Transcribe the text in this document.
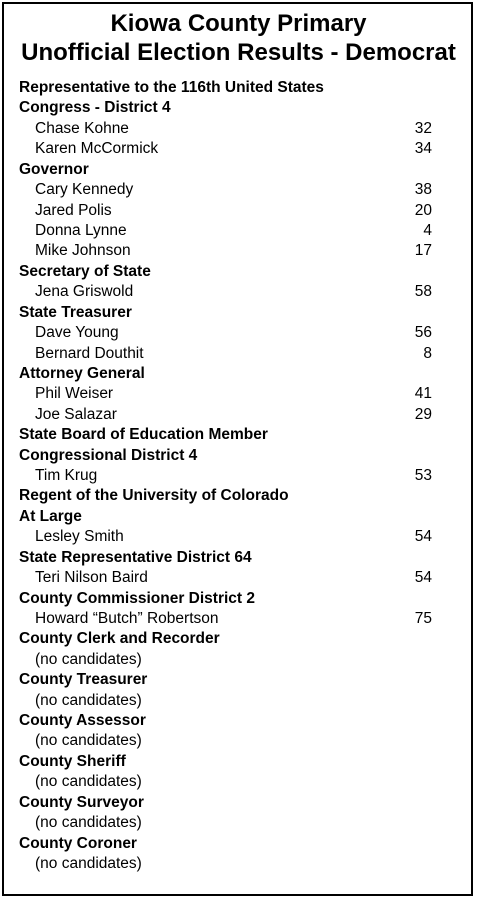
Kiowa County Primary
Unofficial Election Results - Democrat
Representative to the 116th United States
Congress - District 4
Chase Kohne	32
Karen McCormick	34
Governor
Cary Kennedy	38
Jared Polis	20
Donna Lynne	4
Mike Johnson	17
Secretary of State
Jena Griswold	58
State Treasurer
Dave Young	56
Bernard Douthit	8
Attorney General
Phil Weiser	41
Joe Salazar	29
State Board of Education Member
Congressional District 4
Tim Krug	53
Regent of the University of Colorado
At Large
Lesley Smith	54
State Representative District 64
Teri Nilson Baird	54
County Commissioner District 2
Howard “Butch” Robertson	75
County Clerk and Recorder
(no candidates)
County Treasurer
(no candidates)
County Assessor
(no candidates)
County Sheriff
(no candidates)
County Surveyor
(no candidates)
County Coroner
(no candidates)
